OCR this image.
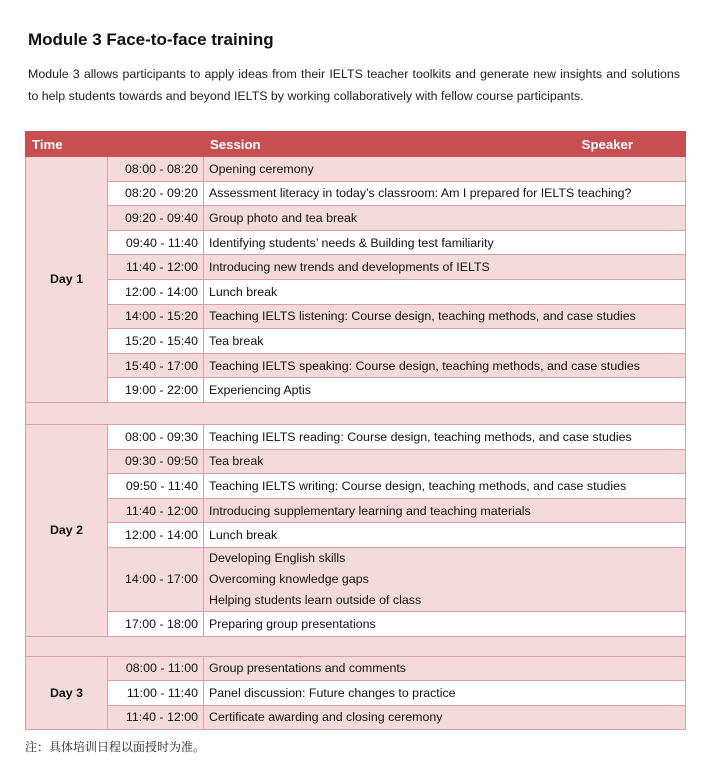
Module 3 Face-to-face training
Module 3 allows participants to apply ideas from their IELTS teacher toolkits and generate new insights and solutions to help students towards and beyond IELTS by working collaboratively with fellow course participants.
Time		Session Speaker

Day 1	08:00 - 08:20	Opening ceremony
	08:20 - 09:20	Assessment literacy in today’s classroom: Am I prepared for IELTS teaching?
	09:20 - 09:40	Group photo and tea break
	09:40 - 11:40	Identifying students’ needs & Building test familiarity
	11:40 - 12:00	Introducing new trends and developments of IELTS
	12:00 - 14:00	Lunch break
	14:00 - 15:20	Teaching IELTS listening: Course design, teaching methods, and case studies
	15:20 - 15:40	Tea break
	15:40 - 17:00	Teaching IELTS speaking: Course design, teaching methods, and case studies
	19:00 - 22:00	Experiencing Aptis

Day 2	08:00 - 09:30	Teaching IELTS reading: Course design, teaching methods, and case studies
	09:30 - 09:50	Tea break
	09:50 - 11:40	Teaching IELTS writing: Course design, teaching methods, and case studies
	11:40 - 12:00	Introducing supplementary learning and teaching materials
	12:00 - 14:00	Lunch break
	14:00 - 17:00	Developing English skills
Overcoming knowledge gaps
Helping students learn outside of class

	17:00 - 18:00	Preparing group presentations

Day 3	08:00 - 11:00	Group presentations and comments
	11:00 - 11:40	Panel discussion: Future changes to practice
	11:40 - 12:00	Certificate awarding and closing ceremony
注：具体培训日程以面授时为准。
